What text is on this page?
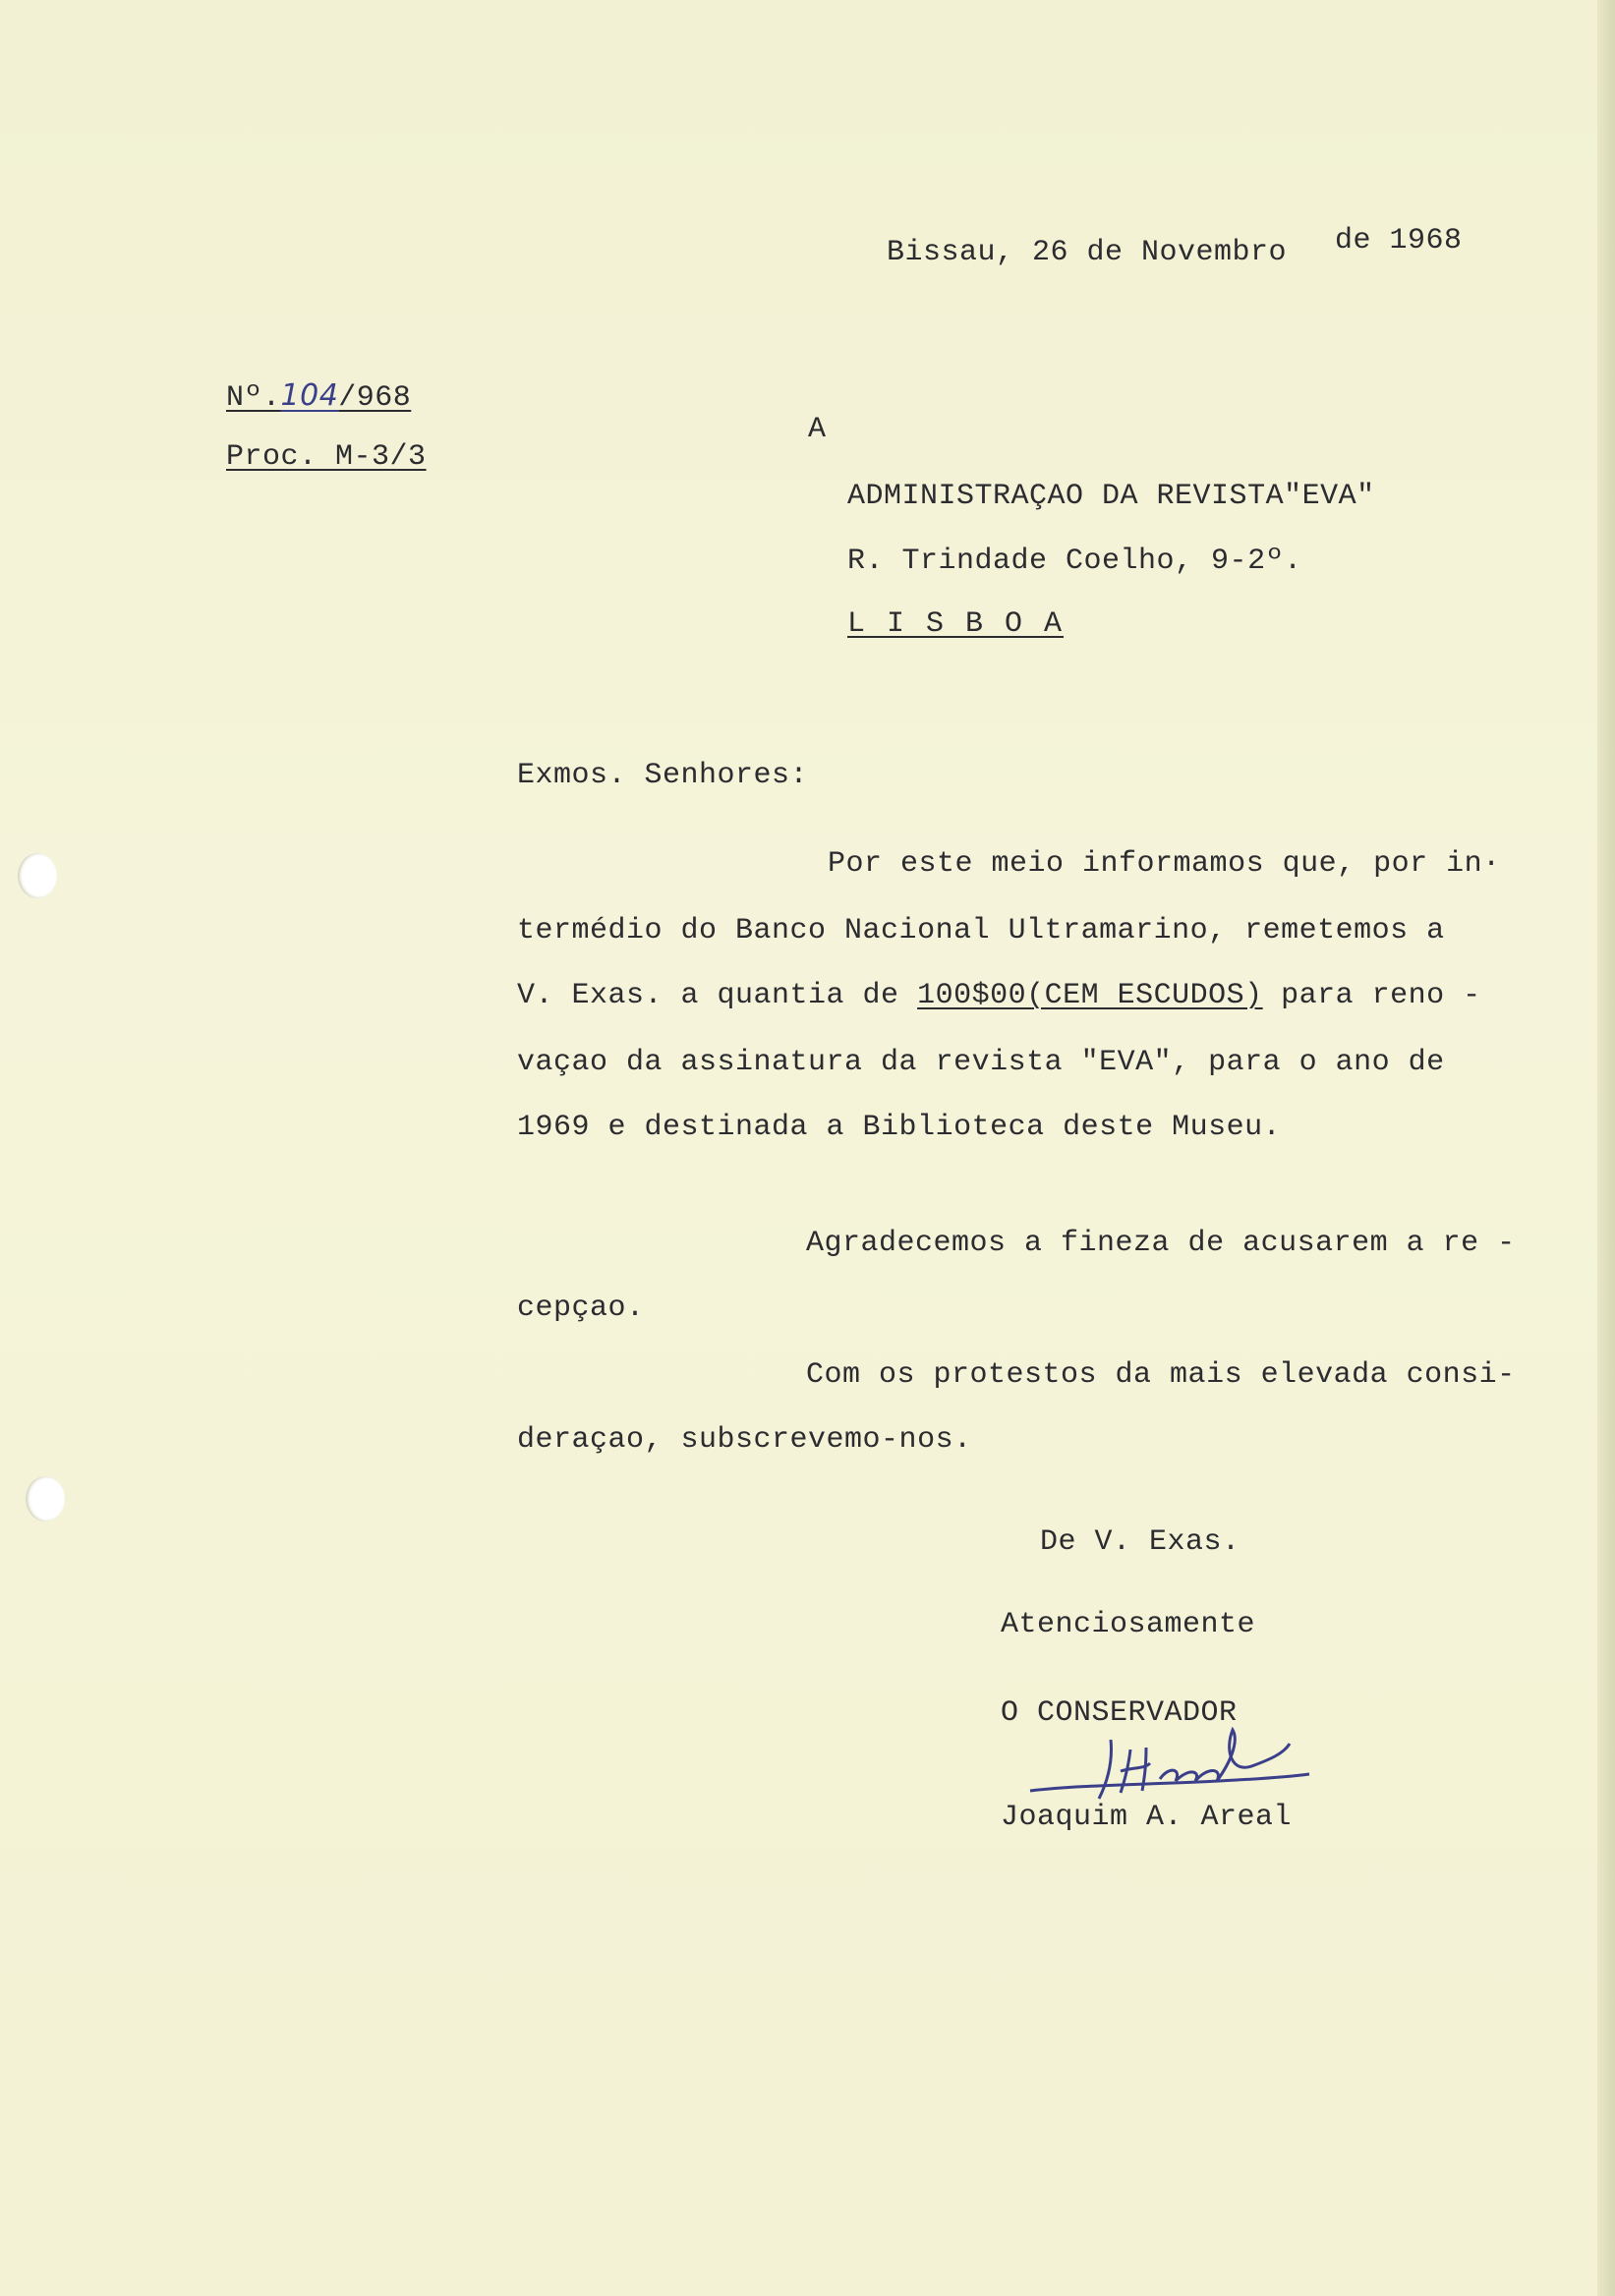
Bissau, 26 de Novembro de 1968
Nº.104/968
Proc. M-3/3
A
ADMINISTRAÇAO DA REVISTA"EVA"
R. Trindade Coelho, 9-2º.
L I S B O A
Exmos. Senhores:
Por este meio informamos que, por in·
termédio do Banco Nacional Ultramarino, remetemos a
V. Exas. a quantia de 100$00(CEM ESCUDOS) para reno -
vaçao da assinatura da revista "EVA", para o ano de
1969 e destinada a Biblioteca deste Museu.
Agradecemos a fineza de acusarem a re -
cepçao.
Com os protestos da mais elevada consi-
deraçao, subscrevemo-nos.
De V. Exas.
Atenciosamente
O CONSERVADOR
Joaquim A. Areal
